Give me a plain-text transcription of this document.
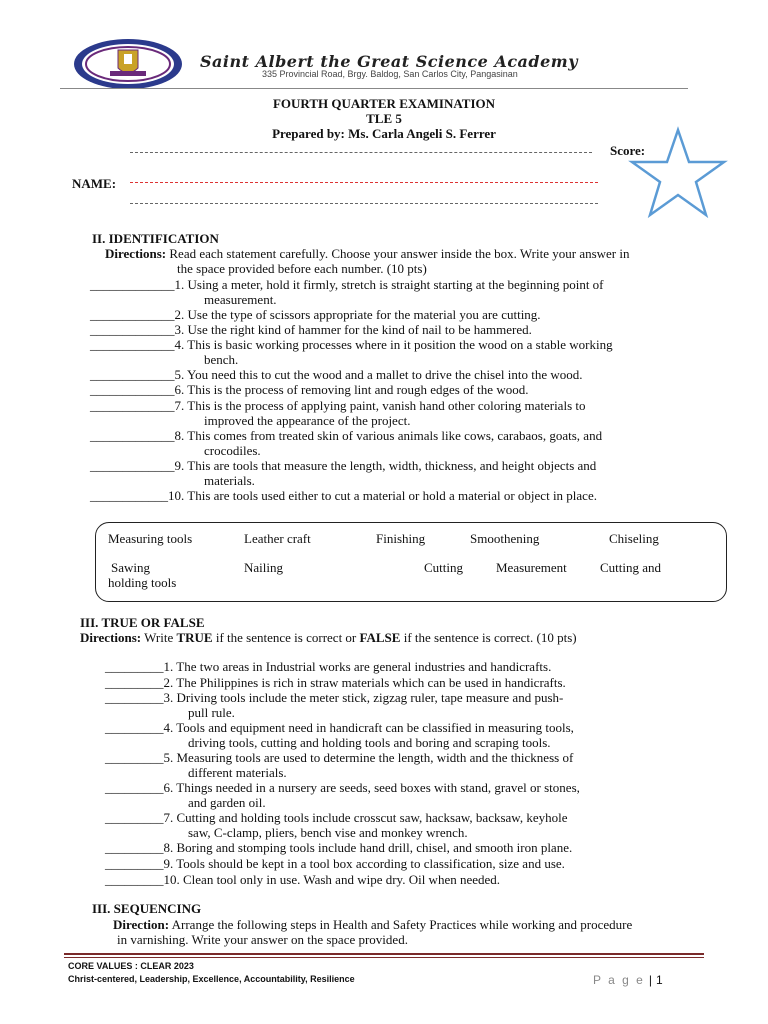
Saint Albert the Great Science Academy
335 Provincial Road, Brgy. Baldog, San Carlos City, Pangasinan
FOURTH QUARTER EXAMINATION
TLE 5
Prepared by: Ms. Carla Angeli S. Ferrer
Score:
NAME:
II. IDENTIFICATION
Directions: Read each statement carefully. Choose your answer inside the box. Write your answer in
the space provided before each number. (10 pts)
_____________1. Using a meter, hold it firmly, stretch is straight starting at the beginning point of
measurement.
_____________2. Use the type of scissors appropriate for the material you are cutting.
_____________3. Use the right kind of hammer for the kind of nail to be hammered.
_____________4. This is basic working processes where in it position the wood on a stable working
bench.
_____________5. You need this to cut the wood and a mallet to drive the chisel into the wood.
_____________6. This is the process of removing lint and rough edges of the wood.
_____________7. This is the process of applying paint, vanish hand other coloring materials to
improved the appearance of the project.
_____________8. This comes from treated skin of various animals like cows, carabaos, goats, and
crocodiles.
_____________9. This are tools that measure the length, width, thickness, and height objects and
materials.
____________10. This are tools used either to cut a material or hold a material or object in place.
Measuring tools	Leather craft	Finishing	Smoothening	Chiseling
Sawing	Nailing	Cutting	Measurement	Cutting and
holding tools
III. TRUE OR FALSE
Directions: Write TRUE if the sentence is correct or FALSE if the sentence is correct. (10 pts)
_________1. The two areas in Industrial works are general industries and handicrafts.
_________2. The Philippines is rich in straw materials which can be used in handicrafts.
_________3. Driving tools include the meter stick, zigzag ruler, tape measure and push-
pull rule.
_________4. Tools and equipment need in handicraft can be classified in measuring tools,
driving tools, cutting and holding tools and boring and scraping tools.
_________5. Measuring tools are used to determine the length, width and the thickness of
different materials.
_________6. Things needed in a nursery are seeds, seed boxes with stand, gravel or stones,
and garden oil.
_________7. Cutting and holding tools include crosscut saw, hacksaw, backsaw, keyhole
saw, C-clamp, pliers, bench vise and monkey wrench.
_________8. Boring and stomping tools include hand drill, chisel, and smooth iron plane.
_________9. Tools should be kept in a tool box according to classification, size and use.
_________10. Clean tool only in use. Wash and wipe dry. Oil when needed.
III. SEQUENCING
Direction: Arrange the following steps in Health and Safety Practices while working and procedure
in varnishing. Write your answer on the space provided.
CORE VALUES : CLEAR 2023
Christ-centered, Leadership, Excellence, Accountability, Resilience	P a g e | 1
